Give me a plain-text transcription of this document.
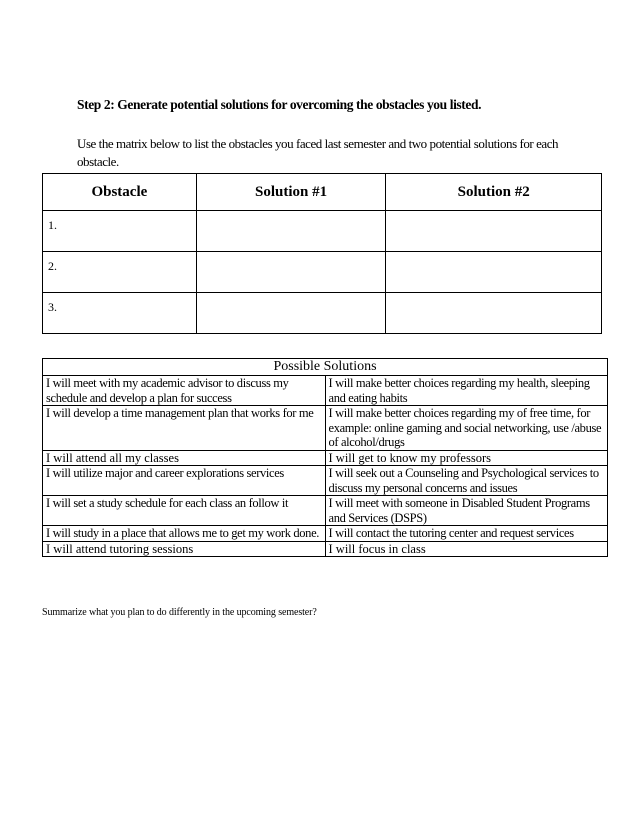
Step 2: Generate potential solutions for overcoming the obstacles you listed.
Use the matrix below to list the obstacles you faced last semester and two potential solutions for each obstacle.
Obstacle	Solution #1	Solution #2
1.		
2.		
3.		
Possible Solutions	
I will meet with my academic advisor to discuss my schedule and develop a plan for success	I will make better choices regarding my health, sleeping and eating habits
I will develop a time management plan that works for me	I will make better choices regarding my of free time, for example: online gaming and social networking, use /abuse of alcohol/drugs
I will attend all my classes	I will get to know my professors
I will utilize major and career explorations services	I will seek out a Counseling and Psychological services to discuss my personal concerns and issues
I will set a study schedule for each class an follow it	I will meet with someone in Disabled Student Programs and Services (DSPS)
I will study in a place that allows me to get my work done.	I will contact the tutoring center and request services
I will attend tutoring sessions	I will focus in class
Summarize what you plan to do differently in the upcoming semester?
